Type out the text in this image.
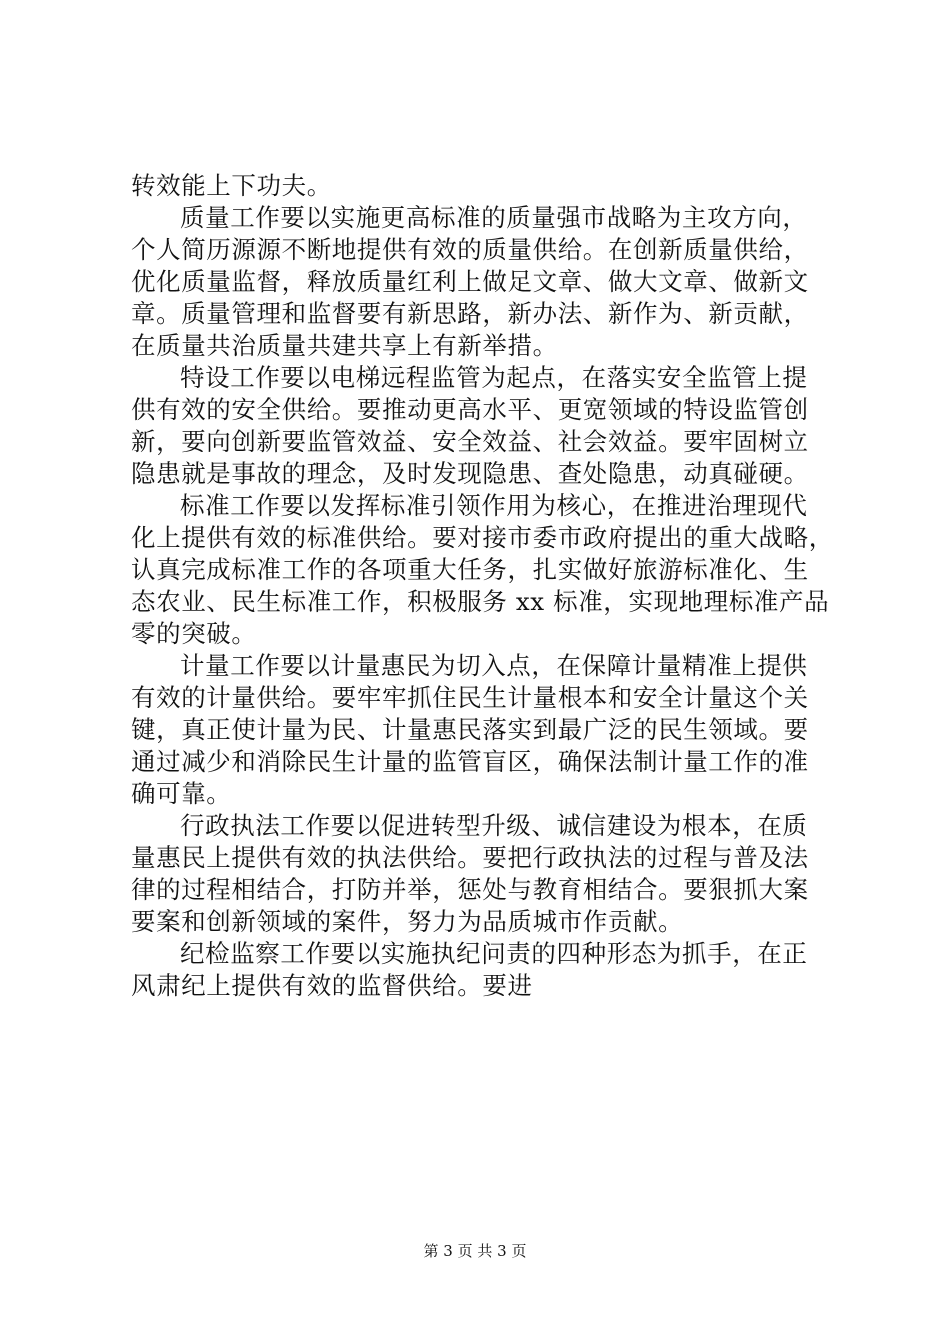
转效能上下功夫。
质量工作要以实施更高标准的质量强市战略为主攻方向，
个人简历源源不断地提供有效的质量供给。在创新质量供给，
优化质量监督，释放质量红利上做足文章、做大文章、做新文
章。质量管理和监督要有新思路，新办法、新作为、新贡献，
在质量共治质量共建共享上有新举措。
特设工作要以电梯远程监管为起点，在落实安全监管上提
供有效的安全供给。要推动更高水平、更宽领域的特设监管创
新，要向创新要监管效益、安全效益、社会效益。要牢固树立
隐患就是事故的理念，及时发现隐患、查处隐患，动真碰硬。
标准工作要以发挥标准引领作用为核心，在推进治理现代
化上提供有效的标准供给。要对接市委市政府提出的重大战略，
认真完成标准工作的各项重大任务，扎实做好旅游标准化、生
态农业、民生标准工作，积极服务 xx 标准，实现地理标准产品
零的突破。
计量工作要以计量惠民为切入点，在保障计量精准上提供
有效的计量供给。要牢牢抓住民生计量根本和安全计量这个关
键，真正使计量为民、计量惠民落实到最广泛的民生领域。要
通过减少和消除民生计量的监管盲区，确保法制计量工作的准
确可靠。
行政执法工作要以促进转型升级、诚信建设为根本，在质
量惠民上提供有效的执法供给。要把行政执法的过程与普及法
律的过程相结合，打防并举，惩处与教育相结合。要狠抓大案
要案和创新领域的案件，努力为品质城市作贡献。
纪检监察工作要以实施执纪问责的四种形态为抓手，在正
风肃纪上提供有效的监督供给。要进
第 3 页 共 3 页
